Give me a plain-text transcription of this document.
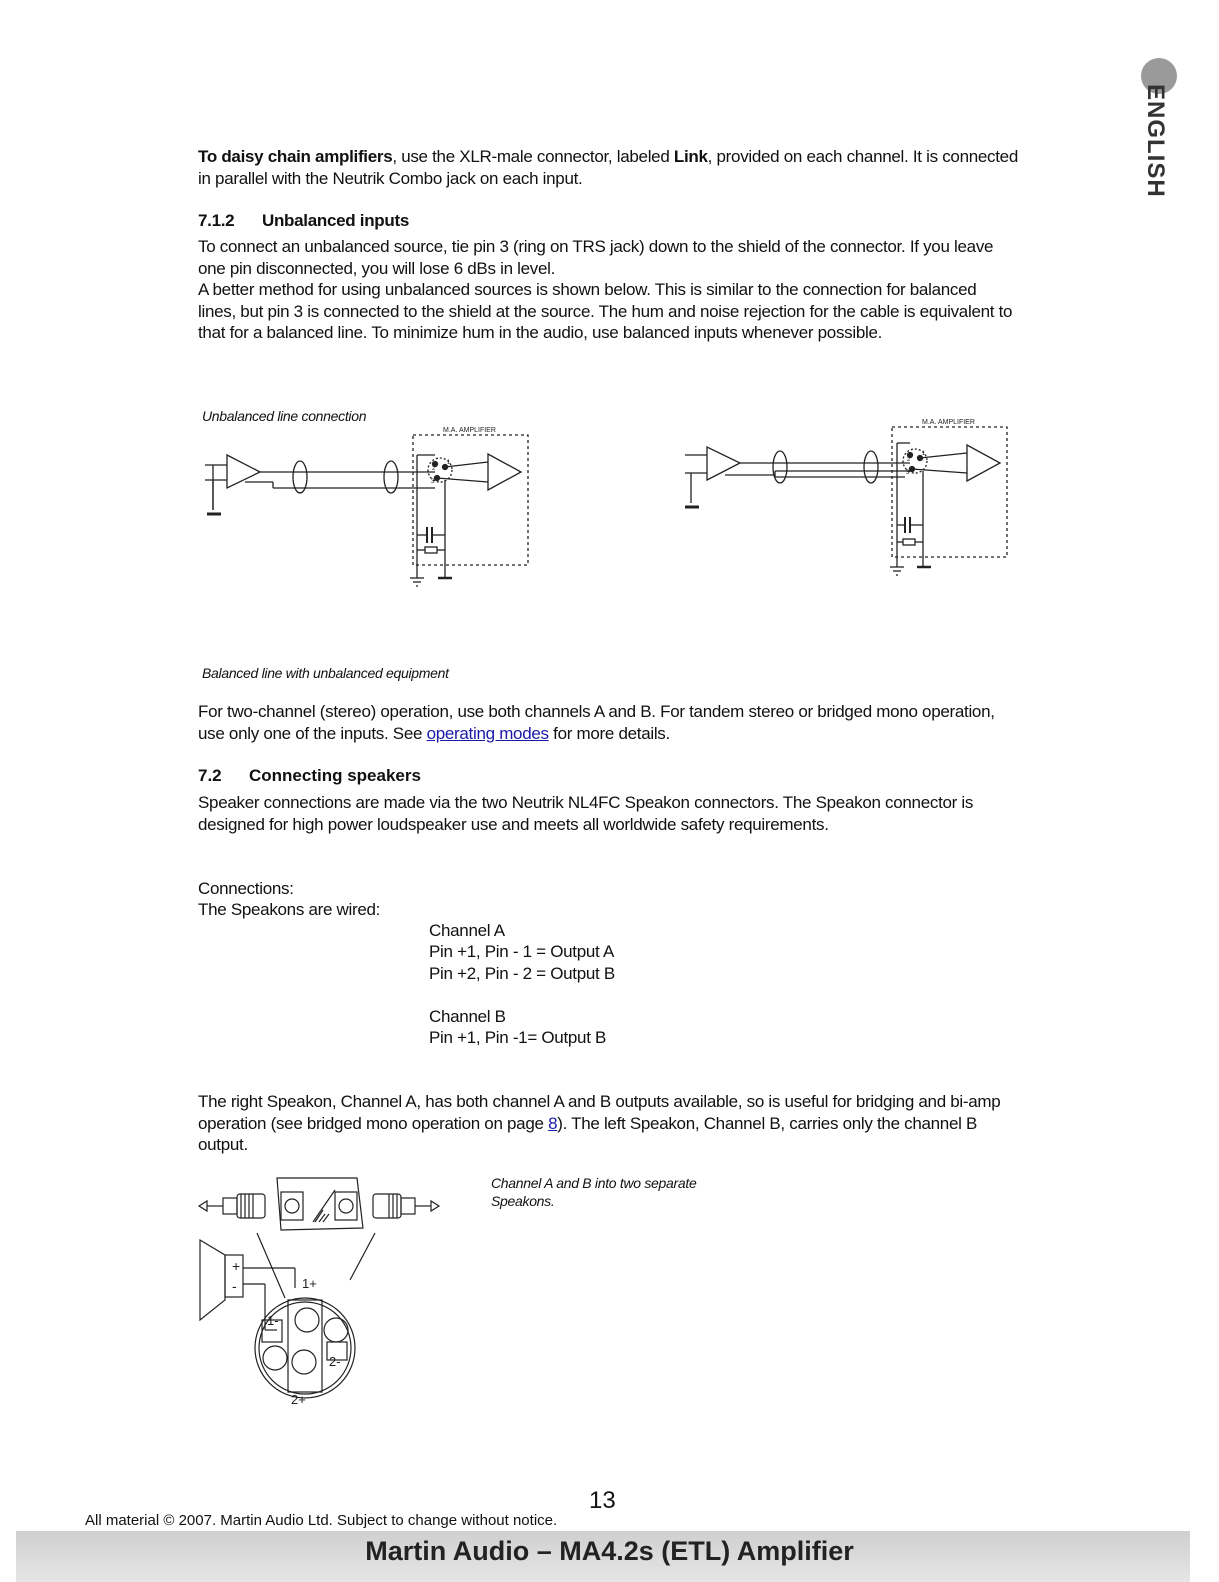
ENGLISH

To daisy chain amplifiers, use the XLR-male connector, labeled Link, provided on each channel. It is connected in parallel with the Neutrik Combo jack on each input.

7.1.2 Unbalanced inputs

To connect an unbalanced source, tie pin 3 (ring on TRS jack) down to the shield of the connector. If you leave one pin disconnected, you will lose 6 dBs in level.

A better method for using unbalanced sources is shown below. This is similar to the connection for balanced lines, but pin 3 is connected to the shield at the source. The hum and noise rejection for the cable is equivalent to that for a balanced line. To minimize hum in the audio, use balanced inputs whenever possible.

Unbalanced line connection
Balanced line with unbalanced equipment
M.A. AMPLIFIER
2
1
3
M.A. AMPLIFIER
2
1
3

For two-channel (stereo) operation, use both channels A and B. For tandem stereo or bridged mono operation, use only one of the inputs. See operating modes for more details.

7.2 Connecting speakers
Speaker connections are made via the two Neutrik NL4FC Speakon connectors. The Speakon connector is designed for high power loudspeaker use and meets all worldwide safety requirements.
Connections:
The Speakons are wired:
Channel A
Pin +1, Pin - 1 = Output A
Pin +2, Pin - 2 = Output B
Channel B
Pin +1, Pin -1= Output B

The right Speakon, Channel A, has both channel A and B outputs available, so is useful for bridging and bi-amp operation (see bridged mono operation on page 8). The left Speakon, Channel B, carries only the channel B output.

Channel A and B into two separate Speakons.
+
-	1+
1-
2-
2+
13
All material © 2007. Martin Audio Ltd. Subject to change without notice.
Martin Audio – MA4.2s (ETL) Amplifier
